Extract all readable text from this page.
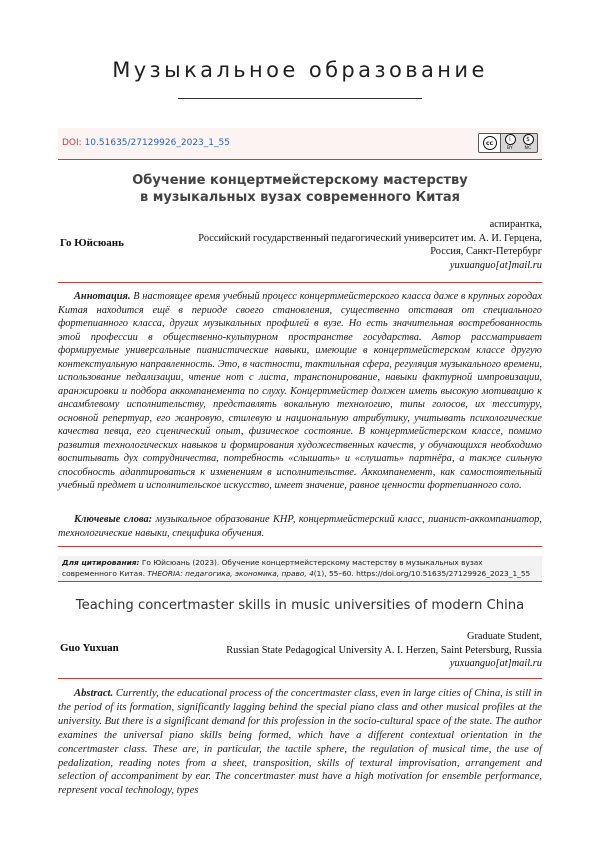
Музыкальное образование
DOI: 10.51635/27129926_2023_1_55	cc	i
BY
$
NC
Обучение концертмейстерскому мастерству
в музыкальных вузах современного Китая
Го Юйсюань
аспирантка,
Российский государственный педагогический университет им. А. И. Герцена,
Россия, Санкт-Петербург
yuxuanguo[at]mail.ru

Аннотация. В настоящее время учебный процесс концертмейстерского класса даже в крупных городах Китая находится ещё в периоде своего становления, существенно отставая от специального фортепианного класса, других музыкальных профилей в вузе. Но есть значительная востребованность этой профессии в общественно-культурном пространстве государства. Автор рассматривает формируемые универсальные пианистические навыки, имеющие в концертмейстерском классе другую контекстуальную направленность. Это, в частности, тактильная сфера, регуляция музыкального времени, использование педализации, чтение нот с листа, транспонирование, навыки фактурной импровизации, аранжировки и подбора аккомпанемента по слуху. Концертмейстер должен иметь высокую мотивацию к ансамблевому исполнительству, представлять вокальную технологию, типы голосов, их тесситуру, основной репертуар, его жанровую, стилевую и национальную атрибутику, учитывать психологические качества певца, его сценический опыт, физическое состояние. В концертмейстерском классе, помимо развития технологических навыков и формирования художественных качеств, у обучающихся необходимо воспитывать дух сотрудничества, потребность «слышать» и «слушать» партнёра, а также сильную способность адаптироваться к изменениям в исполнительстве. Аккомпанемент, как самостоятельный учебный предмет и исполнительское искусство, имеет значение, равное ценности фортепианного соло.

Ключевые слова: музыкальное образование КНР, концертмейстерский класс, пианист-аккомпаниатор, технологические навыки, специфика обучения.

Для цитирования: Го Юйсюань (2023). Обучение концертмейстерскому мастерству в музыкальных вузах современного Китая. THEORIA: педагогика, экономика, право, 4(1), 55–60. https://doi.org/10.51635/27129926_2023_1_55

Teaching concertmaster skills in music universities of modern China
Guo Yuxuan
Graduate Student,
Russian State Pedagogical University A. I. Herzen, Saint Petersburg, Russia
yuxuanguo[at]mail.ru

Abstract. Currently, the educational process of the concertmaster class, even in large cities of China, is still in the period of its formation, significantly lagging behind the special piano class and other musical profiles at the university. But there is a significant demand for this profession in the socio-cultural space of the state. The author examines the universal piano skills being formed, which have a different contextual orientation in the concertmaster class. These are, in particular, the tactile sphere, the regulation of musical time, the use of pedalization, reading notes from a sheet, transposition, skills of textural improvisation, arrangement and selection of accompaniment by ear. The concertmaster must have a high motivation for ensemble performance, represent vocal technology, types
